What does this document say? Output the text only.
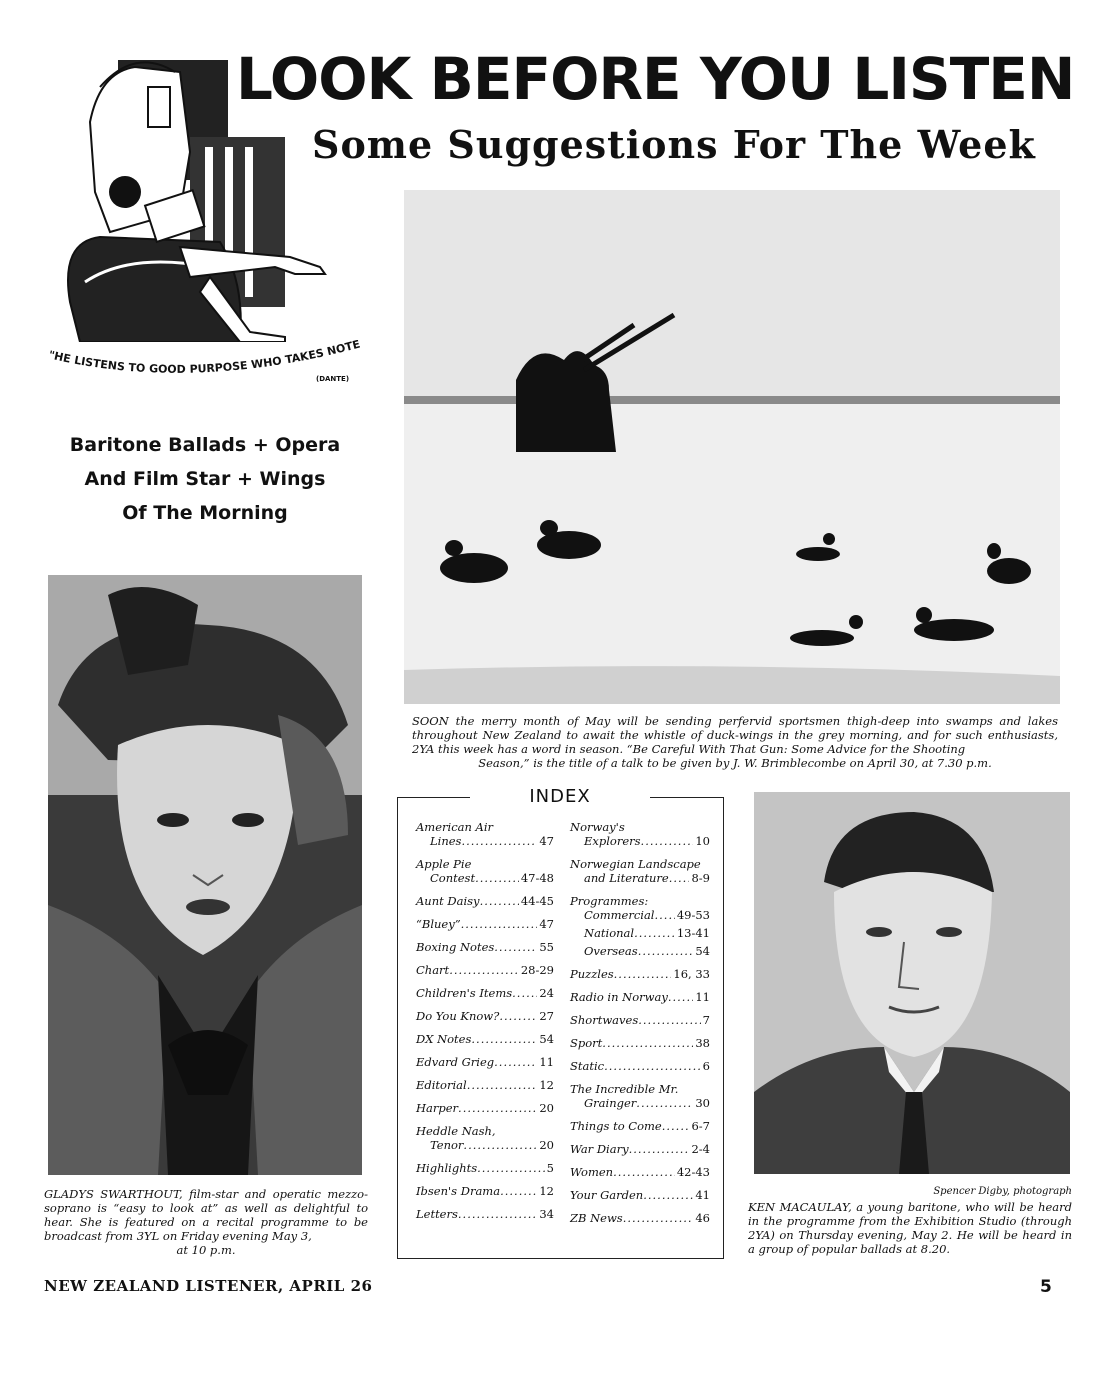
LOOK BEFORE YOU LISTEN
Some Suggestions For The Week
"HE LISTENS TO GOOD PURPOSE WHO TAKES NOTE
(DANTE)
Baritone Ballads + Opera
And Film Star + Wings
Of The Morning
SOON the merry month of May will be sending perfervid sportsmen thigh-deep into swamps and lakes throughout New Zealand to await the whistle of duck-wings in the grey morning, and for such enthusiasts, 2YA this week has a word in season. “Be Careful With That Gun: Some Advice for the Shooting
Season,” is the title of a talk to be given by J. W. Brimblecombe on April 30, at 7.30 p.m.
GLADYS SWARTHOUT, film-star and operatic mezzo-soprano is “easy to look at” as well as delightful to hear. She is featured on a recital programme to be broadcast from 3YL on Friday evening May 3,
at 10 p.m.
American Air
Lines .....	47
Apple Pie
Contest .....	47-48
Aunt Daisy .....	44-45
“Bluey” .....	47
Boxing Notes .....	55
Chart .....	28-29
Children's Items ..... 24
Do You Know? .....	27
DX Notes .....	54
Edvard Grieg .....	11
Editorial .....	12
Harper .....	20
Heddle Nash,
Tenor .....	20
Highlights .....	5
Ibsen's Drama .....	12
Letters .....	34
Norway's
Explorers .....	10
Norwegian Landscape
and Literature ..... 8-9
Programmes:
Commercial ..... 49-53
National .....	13-41
Overseas .....	54
Puzzles .....	16, 33
Radio in Norway ..... 11
Shortwaves .....	7
Sport .....	38
Static .....	6
The Incredible Mr.
Grainger .....	30
Things to Come .....	6-7
War Diary .....	2-4
Women .....	42-43
Your Garden .....	41
ZB News .....	46
INDEX
Spencer Digby, photograph
KEN MACAULAY, a young baritone, who will be heard in the programme from the Exhibition Studio (through 2YA) on Thursday evening, May 2. He will be heard in a group of popular ballads at 8.20.
NEW ZEALAND LISTENER, APRIL 26	5
